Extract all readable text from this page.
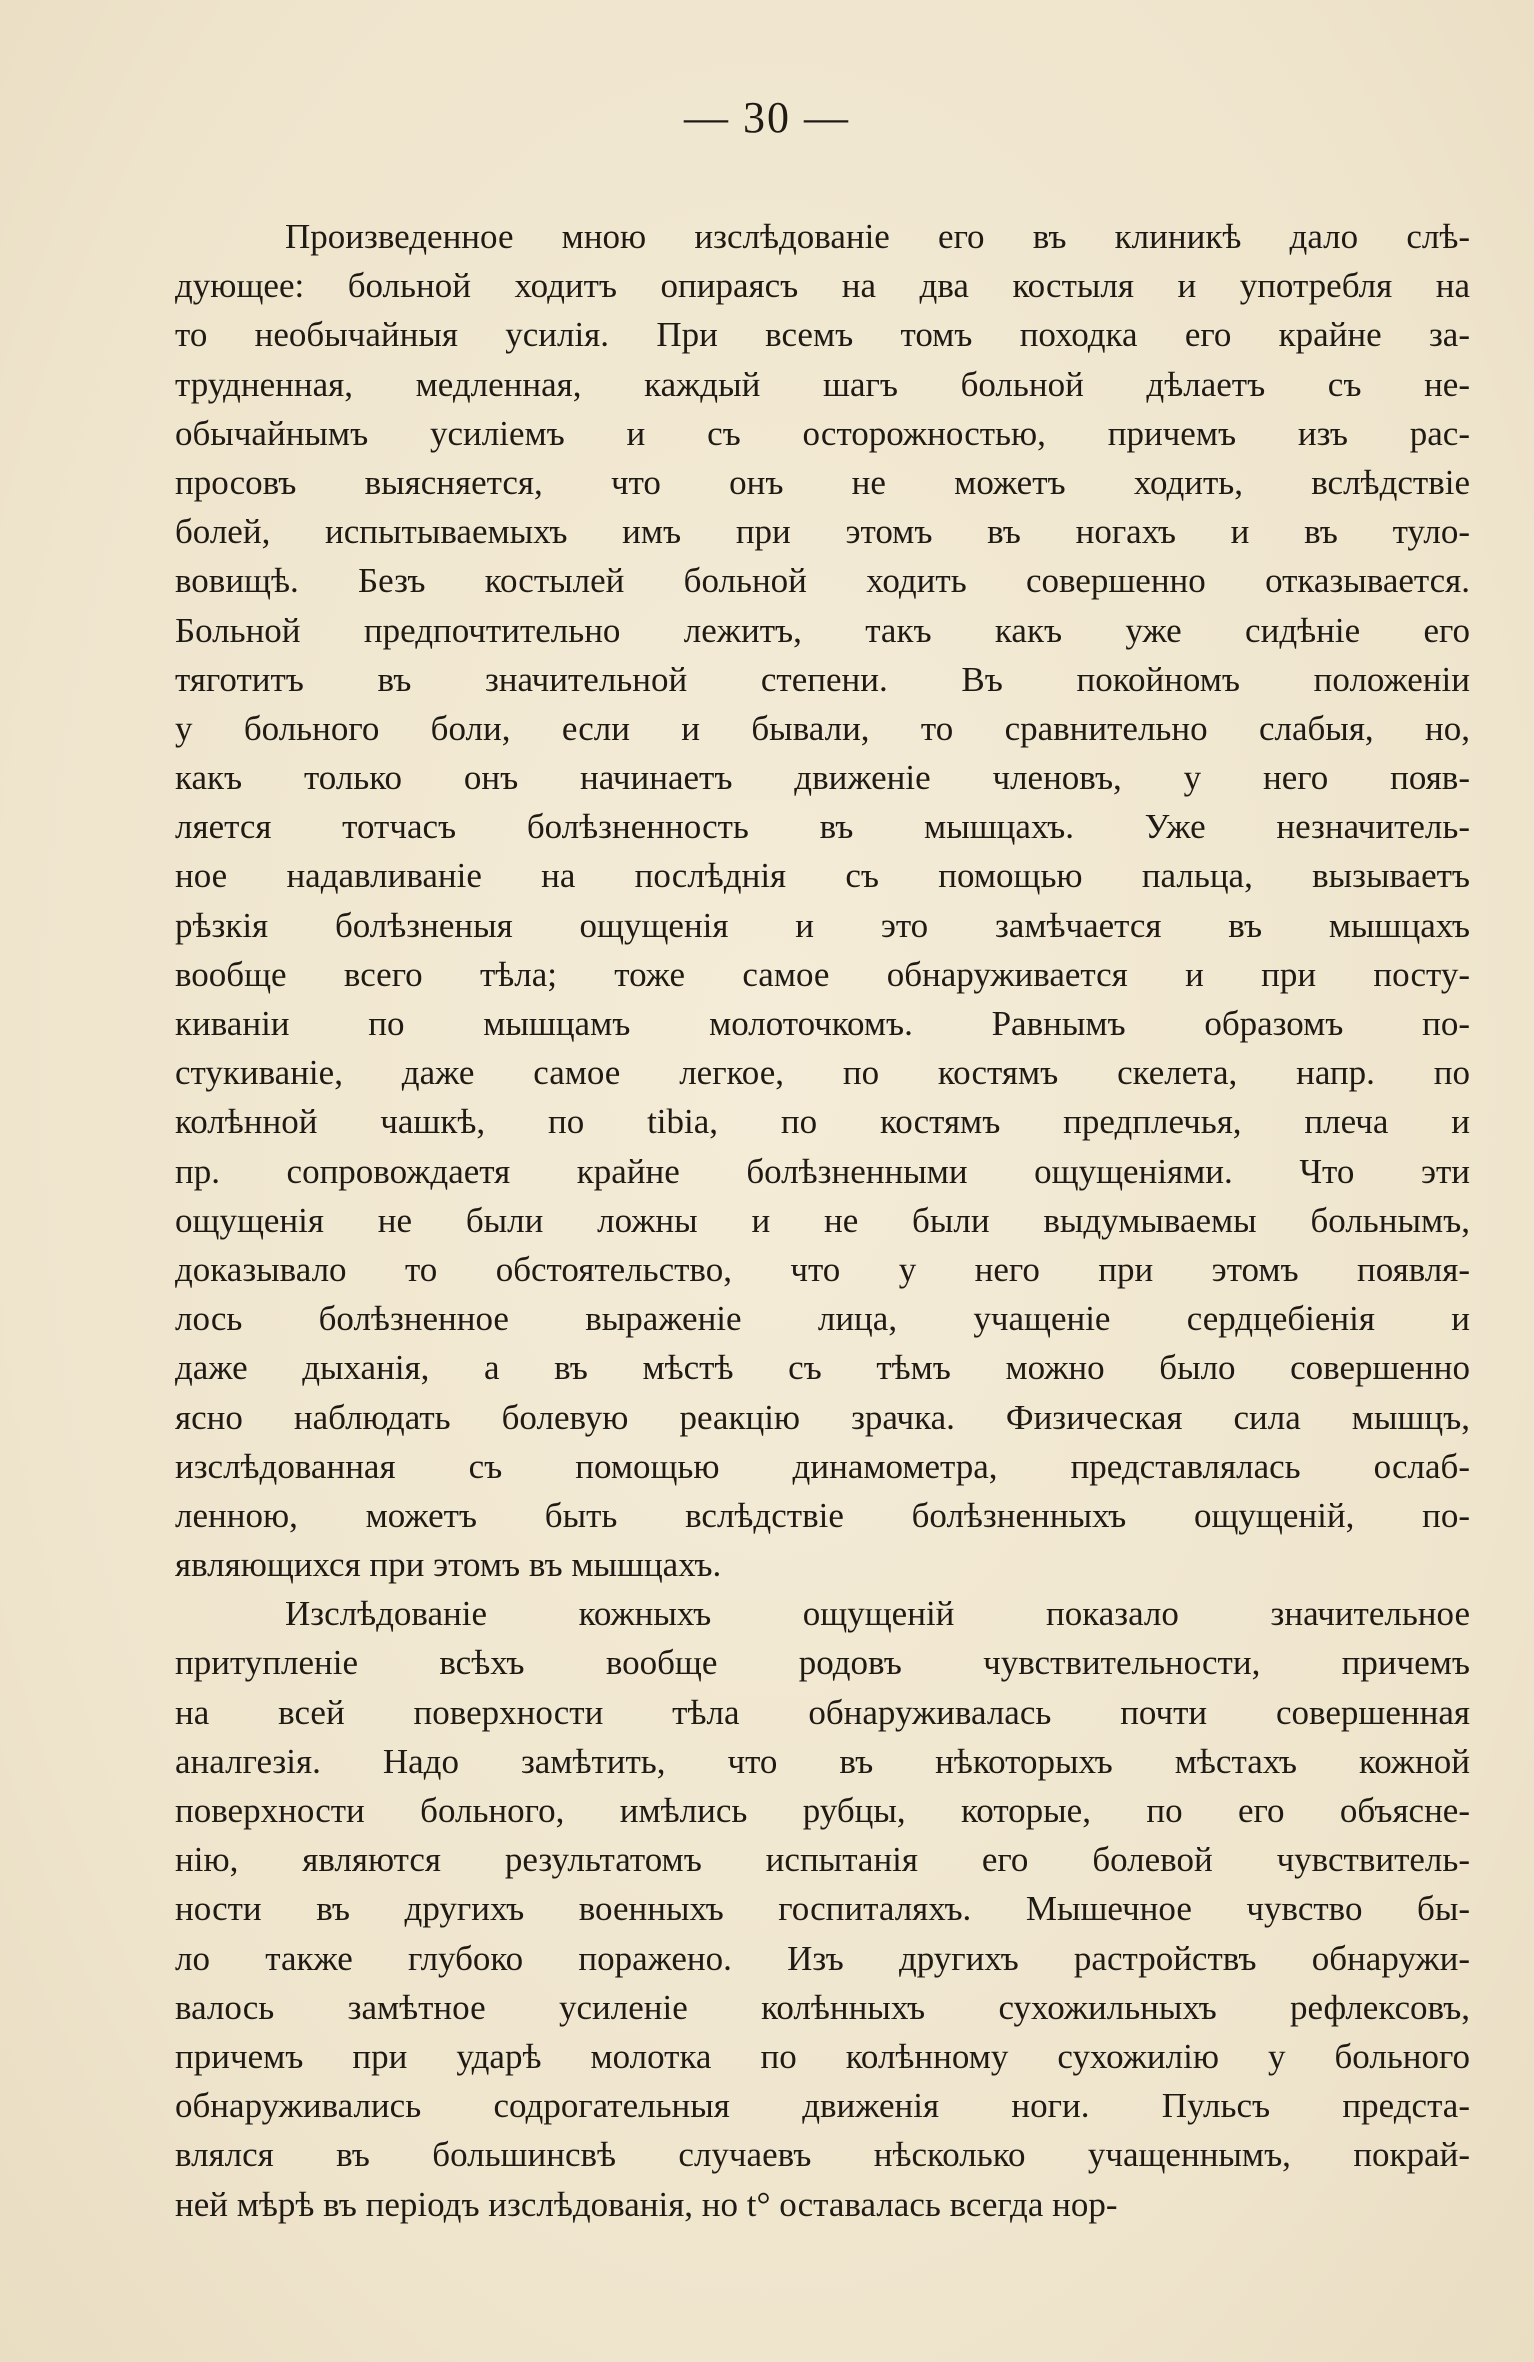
— 30 —
Произведенное мною изслѣдованіе его въ клиникѣ дало слѣ-
дующее: больной ходитъ опираясъ на два костыля и употребля на
то необычайныя усилія. При всемъ томъ походка его крайне за-
трудненная, медленная, каждый шагъ больной дѣлаетъ съ не-
обычайнымъ усиліемъ и съ осторожностью, причемъ изъ рас-
просовъ выясняется, что онъ не можетъ ходить, вслѣдствіе
болей, испытываемыхъ имъ при этомъ въ ногахъ и въ туло-
вовищѣ. Безъ костылей больной ходить совершенно отказывается.
Больной предпочтительно лежитъ, такъ какъ уже сидѣніе его
тяготитъ въ значительной степени. Въ покойномъ положеніи
у больного боли, если и бывали, то сравнительно слабыя, но,
какъ только онъ начинаетъ движеніе членовъ, у него появ-
ляется тотчасъ болѣзненность въ мышцахъ. Уже незначитель-
ное надавливаніе на послѣднія съ помощью пальца, вызываетъ
рѣзкія болѣзненыя ощущенія и это замѣчается въ мышцахъ
вообще всего тѣла; тоже самое обнаруживается и при посту-
киваніи по мышцамъ молоточкомъ. Равнымъ образомъ по-
стукиваніе, даже самое легкое, по костямъ скелета, напр. по
колѣнной чашкѣ, по tibia, по костямъ предплечья, плеча и
пр. сопровождаетя крайне болѣзненными ощущеніями. Что эти
ощущенія не были ложны и не были выдумываемы больнымъ,
доказывало то обстоятельство, что у него при этомъ появля-
лось болѣзненное выраженіе лица, учащеніе сердцебіенія и
даже дыханія, а въ мѣстѣ съ тѣмъ можно было совершенно
ясно наблюдать болевую реакцію зрачка. Физическая сила мышцъ,
изслѣдованная съ помощью динамометра, представлялась ослаб-
ленною, можетъ быть вслѣдствіе болѣзненныхъ ощущеній, по-
являющихся при этомъ въ мышцахъ.
Изслѣдованіе кожныхъ ощущеній показало значительное
притупленіе всѣхъ вообще родовъ чувствительности, причемъ
на всей поверхности тѣла обнаруживалась почти совершенная
аналгезія. Надо замѣтить, что въ нѣкоторыхъ мѣстахъ кожной
поверхности больного, имѣлись рубцы, которые, по его объясне-
нію, являются результатомъ испытанія его болевой чувствитель-
ности въ другихъ военныхъ госпиталяхъ. Мышечное чувство бы-
ло также глубоко поражено. Изъ другихъ растройствъ обнаружи-
валось замѣтное усиленіе колѣнныхъ сухожильныхъ рефлексовъ,
причемъ при ударѣ молотка по колѣнному сухожилію у больного
обнаруживались содрогательныя движенія ноги. Пульсъ предста-
влялся въ большинсвѣ случаевъ нѣсколько учащеннымъ, покрай-
ней мѣрѣ въ періодъ изслѣдованія, но t° оставалась всегда нор-
